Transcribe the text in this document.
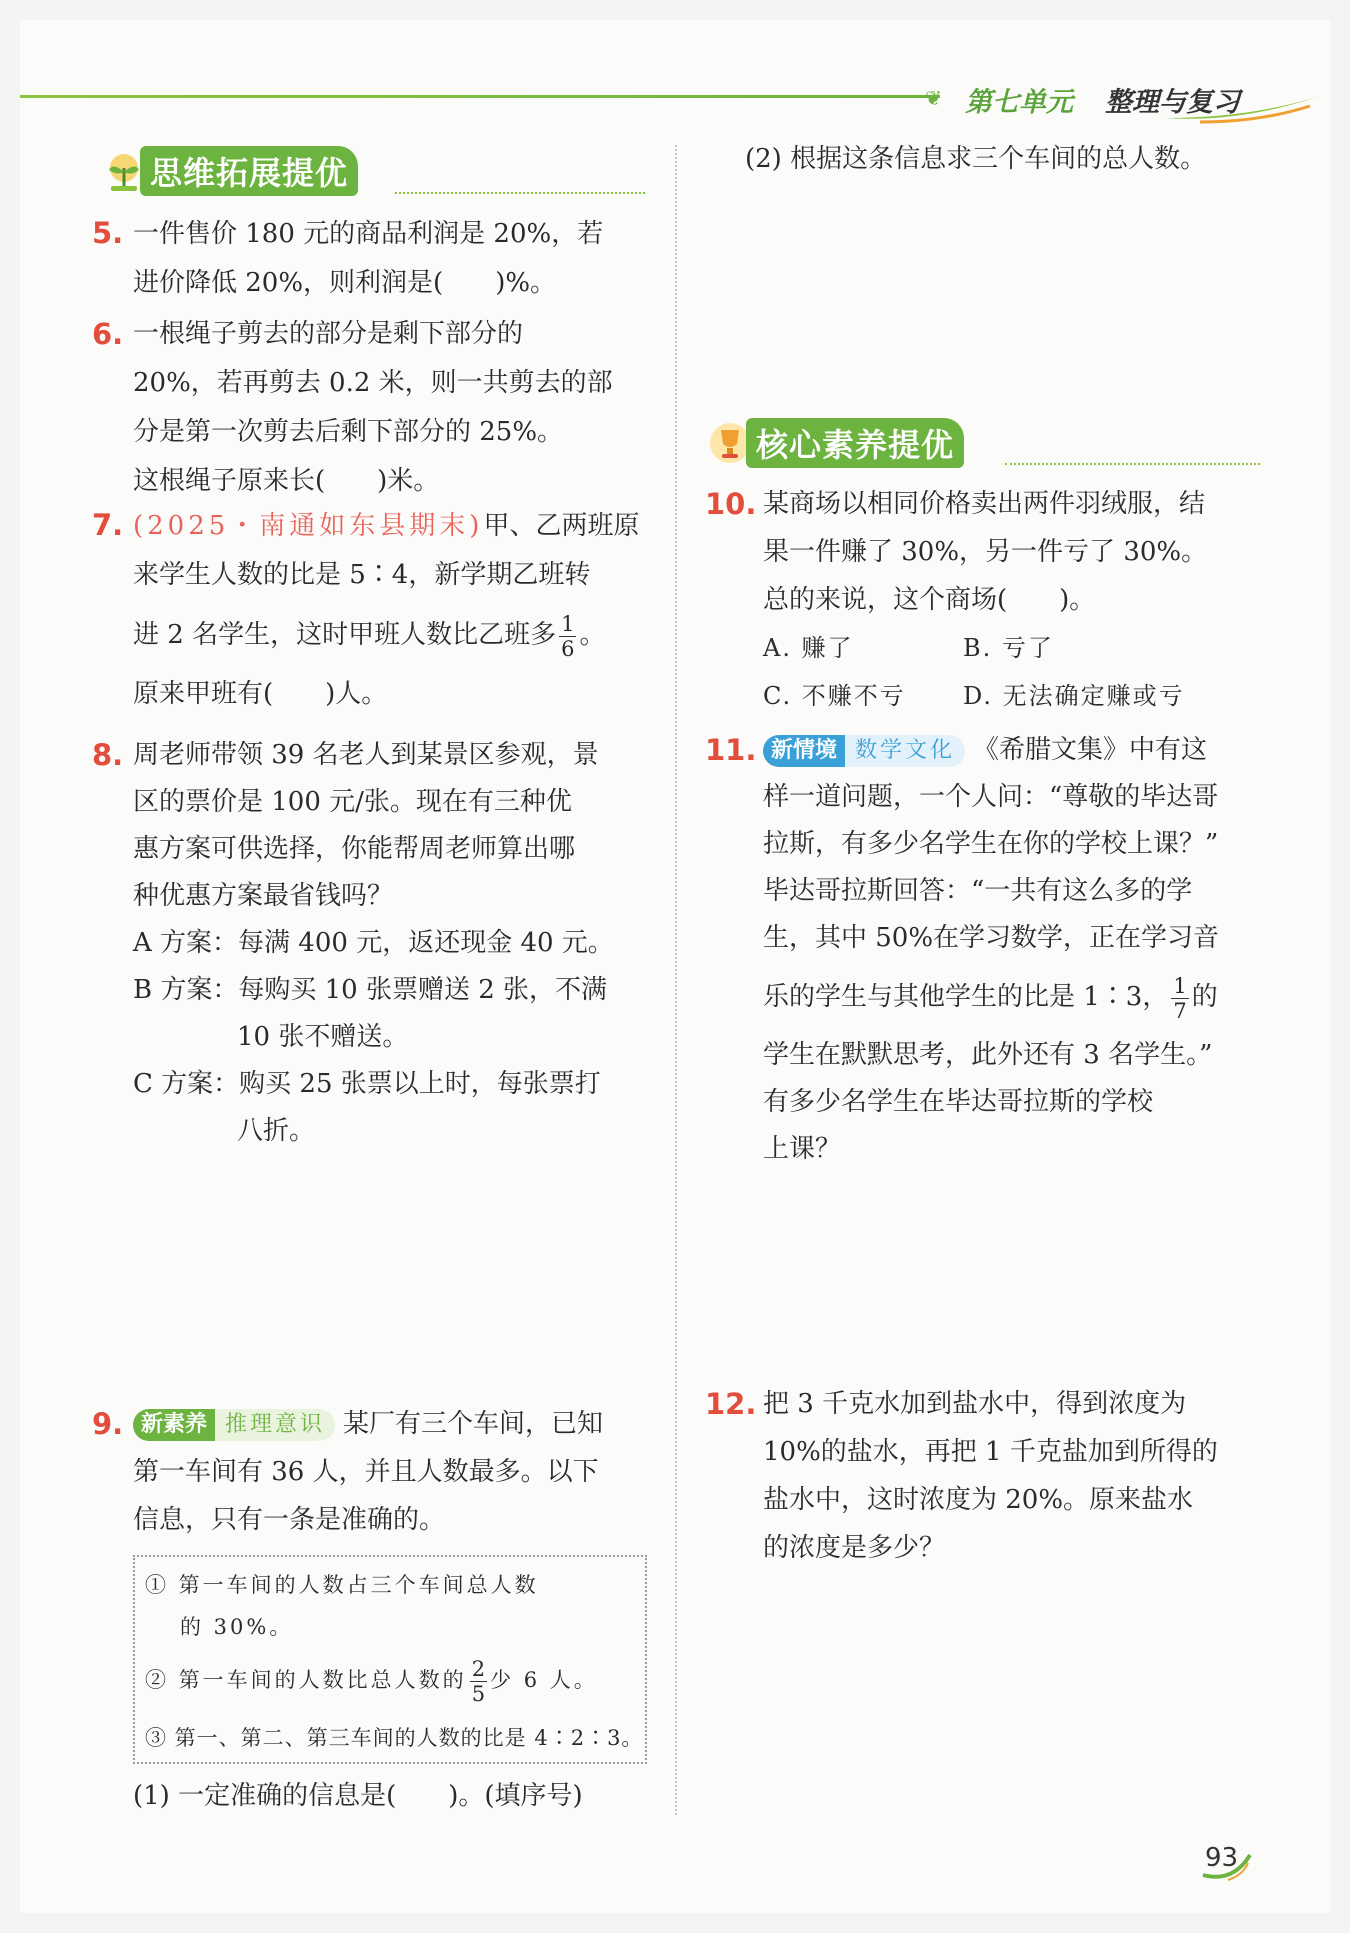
❦ 第七单元 整理与复习
思维拓展提优
5. 一件售价 180 元的商品利润是 20%，若
进价降低 20%，则利润是(　　)%。
6. 一根绳子剪去的部分是剩下部分的
20%，若再剪去 0.2 米，则一共剪去的部
分是第一次剪去后剩下部分的 25%。
这根绳子原来长(　　)米。
7. (2025・南通如东县期末)甲、乙两班原
来学生人数的比是 5∶4，新学期乙班转
进 2 名学生，这时甲班人数比乙班多 $\frac{1}{6}$ 。
原来甲班有(　　)人。
8. 周老师带领 39 名老人到某景区参观，景
区的票价是 100 元/张。现在有三种优
惠方案可供选择，你能帮周老师算出哪
种优惠方案最省钱吗？
A 方案：每满 400 元，返还现金 40 元。
B 方案：每购买 10 张票赠送 2 张，不满
10 张不赠送。
C 方案：购买 25 张票以上时，每张票打
八折。
9. 新素养 推理意识 某厂有三个车间，已知
第一车间有 36 人，并且人数最多。以下
信息，只有一条是准确的。
① 第一车间的人数占三个车间总人数
的 30%。
② 第一车间的人数比总人数的 $\frac{2}{5}$ 少 6 人。
③ 第一、第二、第三车间的人数的比是 4∶2∶3。
(1) 一定准确的信息是(　　)。(填序号)
(2) 根据这条信息求三个车间的总人数。
核心素养提优
10. 某商场以相同价格卖出两件羽绒服，结
果一件赚了 30%，另一件亏了 30%。
总的来说，这个商场(　　)。
A. 赚了	B. 亏了
C. 不赚不亏 D. 无法确定赚或亏
11. 新情境 数学文化 《希腊文集》中有这
样一道问题，一个人问：“尊敬的毕达哥
拉斯，有多少名学生在你的学校上课？”
毕达哥拉斯回答：“一共有这么多的学
生，其中 50%在学习数学，正在学习音
乐的学生与其他学生的比是 1∶3， $\frac{1}{7}$ 的
学生在默默思考，此外还有 3 名学生。”
有多少名学生在毕达哥拉斯的学校
上课？
12. 把 3 千克水加到盐水中，得到浓度为
10%的盐水，再把 1 千克盐加到所得的
盐水中，这时浓度为 20%。原来盐水
的浓度是多少？
93
